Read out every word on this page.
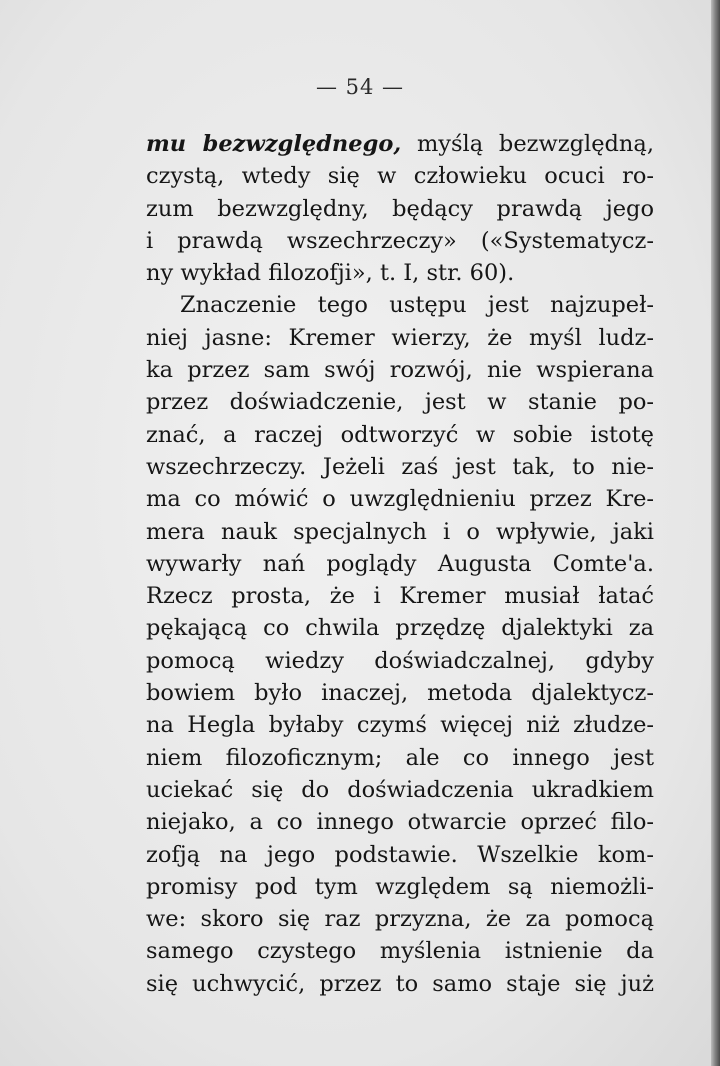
— 54 —
mu bezwzględnego, myślą bezwzględną,
czystą, wtedy się w człowieku ocuci ro-
zum bezwzględny, będący prawdą jego
i prawdą wszechrzeczy» («Systematycz-
ny wykład filozofji», t. I, str. 60).
Znaczenie tego ustępu jest najzupeł-
niej jasne: Kremer wierzy, że myśl ludz-
ka przez sam swój rozwój, nie wspierana
przez doświadczenie, jest w stanie po-
znać, a raczej odtworzyć w sobie istotę
wszechrzeczy. Jeżeli zaś jest tak, to nie-
ma co mówić o uwzględnieniu przez Kre-
mera nauk specjalnych i o wpływie, jaki
wywarły nań poglądy Augusta Comte'a.
Rzecz prosta, że i Kremer musiał łatać
pękającą co chwila przędzę djalektyki za
pomocą wiedzy doświadczalnej, gdyby
bowiem było inaczej, metoda djalektycz-
na Hegla byłaby czymś więcej niż złudze-
niem filozoficznym; ale co innego jest
uciekać się do doświadczenia ukradkiem
niejako, a co innego otwarcie oprzeć filo-
zofją na jego podstawie. Wszelkie kom-
promisy pod tym względem są niemożli-
we: skoro się raz przyzna, że za pomocą
samego czystego myślenia istnienie da
się uchwycić, przez to samo staje się już
